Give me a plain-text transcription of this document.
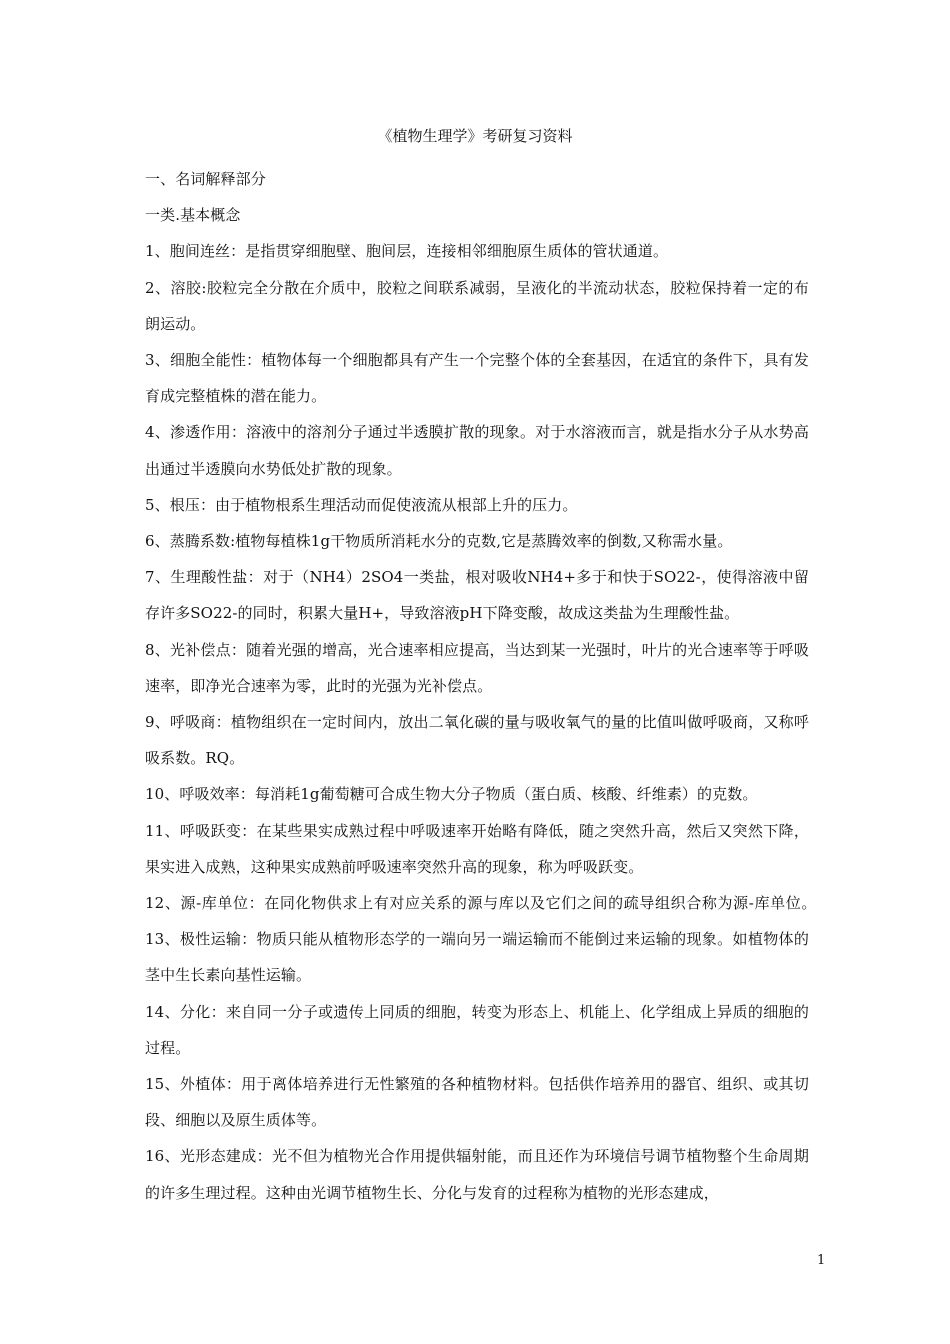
《植物生理学》考研复习资料

一、名词解释部分

一类.基本概念

1、胞间连丝：是指贯穿细胞壁、胞间层，连接相邻细胞原生质体的管状通道。

2、溶胶:胶粒完全分散在介质中，胶粒之间联系减弱，呈液化的半流动状态，胶粒保持着一定的布朗运动。

3、细胞全能性：植物体每一个细胞都具有产生一个完整个体的全套基因，在适宜的条件下，具有发育成完整植株的潜在能力。

4、渗透作用：溶液中的溶剂分子通过半透膜扩散的现象。对于水溶液而言，就是指水分子从水势高出通过半透膜向水势低处扩散的现象。

5、根压：由于植物根系生理活动而促使液流从根部上升的压力。

6、蒸腾系数:植物每植株1g干物质所消耗水分的克数,它是蒸腾效率的倒数,又称需水量。

7、生理酸性盐：对于（NH4）2SO4一类盐，根对吸收NH4+多于和快于SO22-，使得溶液中留存许多SO22-的同时，积累大量H+，导致溶液pH下降变酸，故成这类盐为生理酸性盐。

8、光补偿点：随着光强的增高，光合速率相应提高，当达到某一光强时，叶片的光合速率等于呼吸速率，即净光合速率为零，此时的光强为光补偿点。

9、呼吸商：植物组织在一定时间内，放出二氧化碳的量与吸收氧气的量的比值叫做呼吸商，又称呼吸系数。RQ。

10、呼吸效率：每消耗1g葡萄糖可合成生物大分子物质（蛋白质、核酸、纤维素）的克数。

11、呼吸跃变：在某些果实成熟过程中呼吸速率开始略有降低，随之突然升高，然后又突然下降，果实进入成熟，这种果实成熟前呼吸速率突然升高的现象，称为呼吸跃变。

12、源-库单位：在同化物供求上有对应关系的源与库以及它们之间的疏导组织合称为源-库单位。　13、极性运输：物质只能从植物形态学的一端向另一端运输而不能倒过来运输的现象。如植物体的茎中生长素向基性运输。

14、分化：来自同一分子或遗传上同质的细胞，转变为形态上、机能上、化学组成上异质的细胞的过程。

15、外植体：用于离体培养进行无性繁殖的各种植物材料。包括供作培养用的器官、组织、或其切段、细胞以及原生质体等。

16、光形态建成：光不但为植物光合作用提供辐射能，而且还作为环境信号调节植物整个生命周期的许多生理过程。这种由光调节植物生长、分化与发育的过程称为植物的光形态建成，

1
